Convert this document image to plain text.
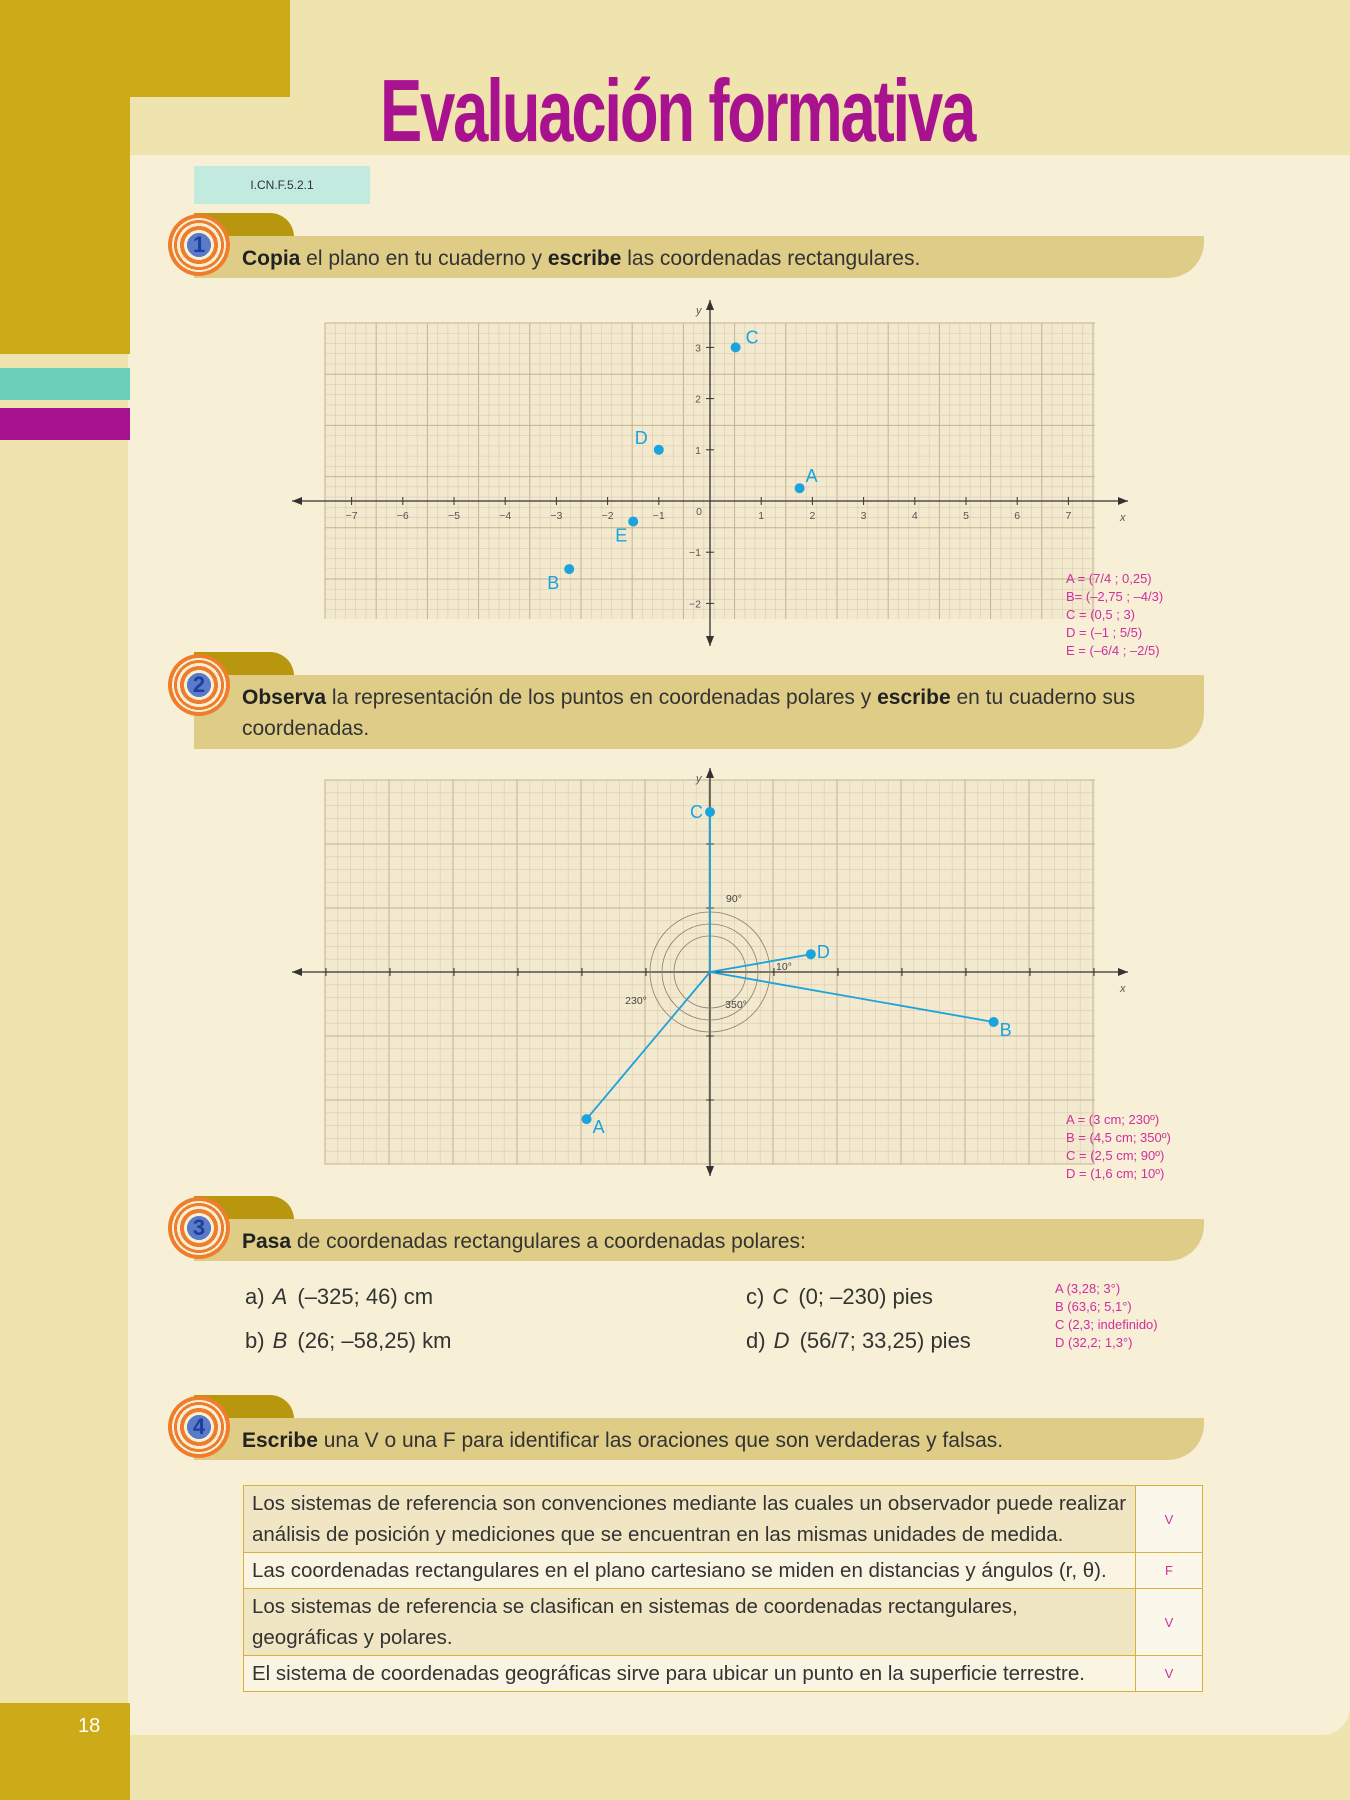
18
Evaluación formativa
I.CN.F.5.2.1
1
Copia el plano en tu cuaderno y escribe las coordenadas rectangulares.
x
y
−7	−6	−5	−4	−3	−2	−1	1	2	3	4	5	6	7
−2
−1
1
2
3
0
A
B
C
D
E
A = (7/4 ; 0,25)
B= (–2,75 ; –4/3)
C = (0,5 ; 3)
D = (–1 ; 5/5)
E = (–6/4 ; –2/5)
2
Observa la representación de los puntos en coordenadas polares y escribe en tu cuaderno sus coordenadas.
x
y
90°
10°
230°	350°
A
B
C
D
A = (3 cm; 230º)
B = (4,5 cm; 350º)
C = (2,5 cm; 90º)
D = (1,6 cm; 10º)
3
Pasa de coordenadas rectangulares a coordenadas polares:
a) A (–325; 46) cm
b) B (26; –58,25) km
c) C (0; –230) pies
d) D (56/7; 33,25) pies
A (3,28; 3°)
B (63,6; 5,1°)
C (2,3; indefinido)
D (32,2; 1,3°)
4
Escribe una V o una F para identificar las oraciones que son verdaderas y falsas.
Los sistemas de referencia son convenciones mediante las cuales un observador puede realizar análisis de posición y mediciones que se encuentran en las mismas unidades de medida.	V
Las coordenadas rectangulares en el plano cartesiano se miden en distancias y ángulos (r, θ).	F
Los sistemas de referencia se clasifican en sistemas de coordenadas rectangulares, geográficas y polares.	V
El sistema de coordenadas geográficas sirve para ubicar un punto en la superficie terrestre.	V
